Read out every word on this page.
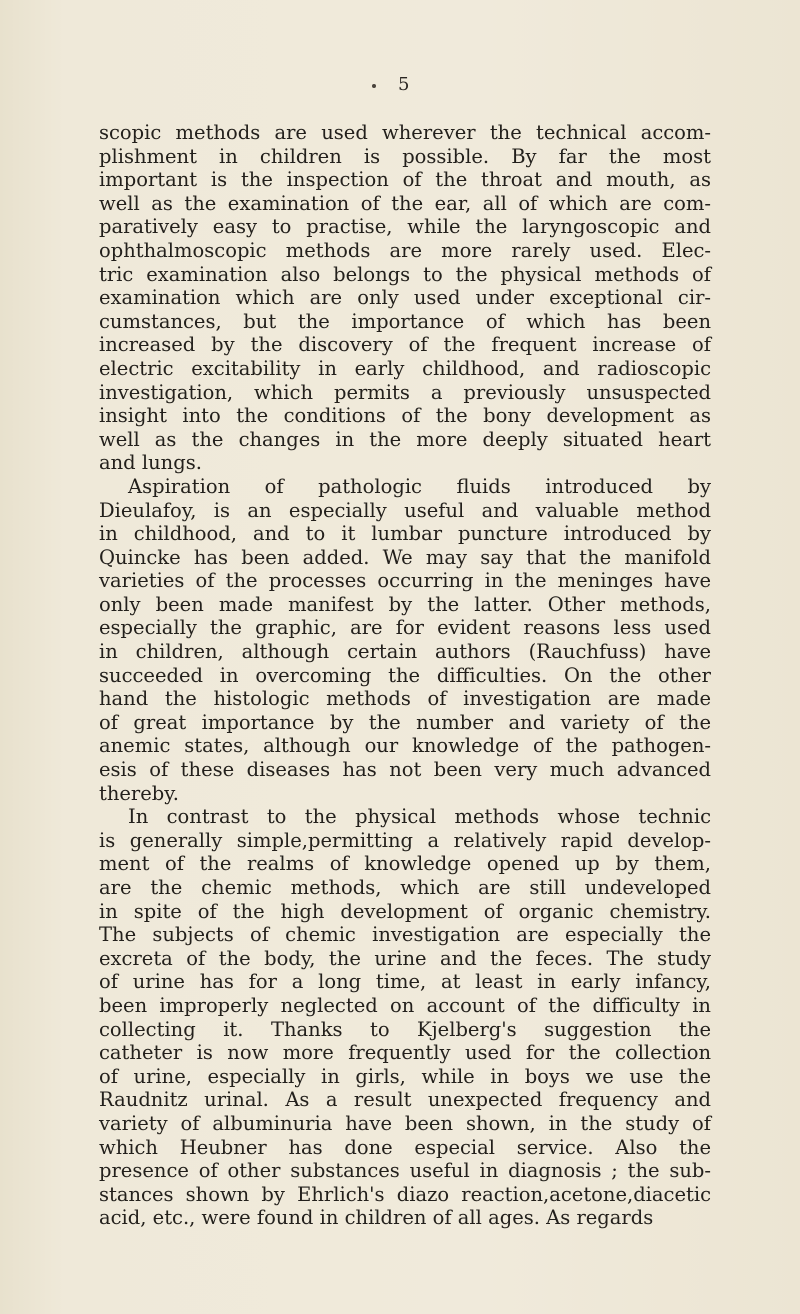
5
scopic methods are used wherever the technical accom-
plishment in children is possible. By far the most
important is the inspection of the throat and mouth, as
well as the examination of the ear, all of which are com-
paratively easy to practise, while the laryngoscopic and
ophthalmoscopic methods are more rarely used. Elec-
tric examination also belongs to the physical methods of
examination which are only used under exceptional cir-
cumstances, but the importance of which has been
increased by the discovery of the frequent increase of
electric excitability in early childhood, and radioscopic
investigation, which permits a previously unsuspected
insight into the conditions of the bony development as
well as the changes in the more deeply situated heart
and lungs.
Aspiration of pathologic fluids introduced by
Dieulafoy, is an especially useful and valuable method
in childhood, and to it lumbar puncture introduced by
Quincke has been added. We may say that the manifold
varieties of the processes occurring in the meninges have
only been made manifest by the latter. Other methods,
especially the graphic, are for evident reasons less used
in children, although certain authors (Rauchfuss) have
succeeded in overcoming the difficulties. On the other
hand the histologic methods of investigation are made
of great importance by the number and variety of the
anemic states, although our knowledge of the pathogen-
esis of these diseases has not been very much advanced
thereby.
In contrast to the physical methods whose technic
is generally simple,permitting a relatively rapid develop-
ment of the realms of knowledge opened up by them,
are the chemic methods, which are still undeveloped
in spite of the high development of organic chemistry.
The subjects of chemic investigation are especially the
excreta of the body, the urine and the feces. The study
of urine has for a long time, at least in early infancy,
been improperly neglected on account of the difficulty in
collecting it. Thanks to Kjelberg's suggestion the
catheter is now more frequently used for the collection
of urine, especially in girls, while in boys we use the
Raudnitz urinal. As a result unexpected frequency and
variety of albuminuria have been shown, in the study of
which Heubner has done especial service. Also the
presence of other substances useful in diagnosis ; the sub-
stances shown by Ehrlich's diazo reaction,acetone,diacetic
acid, etc., were found in children of all ages. As regards
